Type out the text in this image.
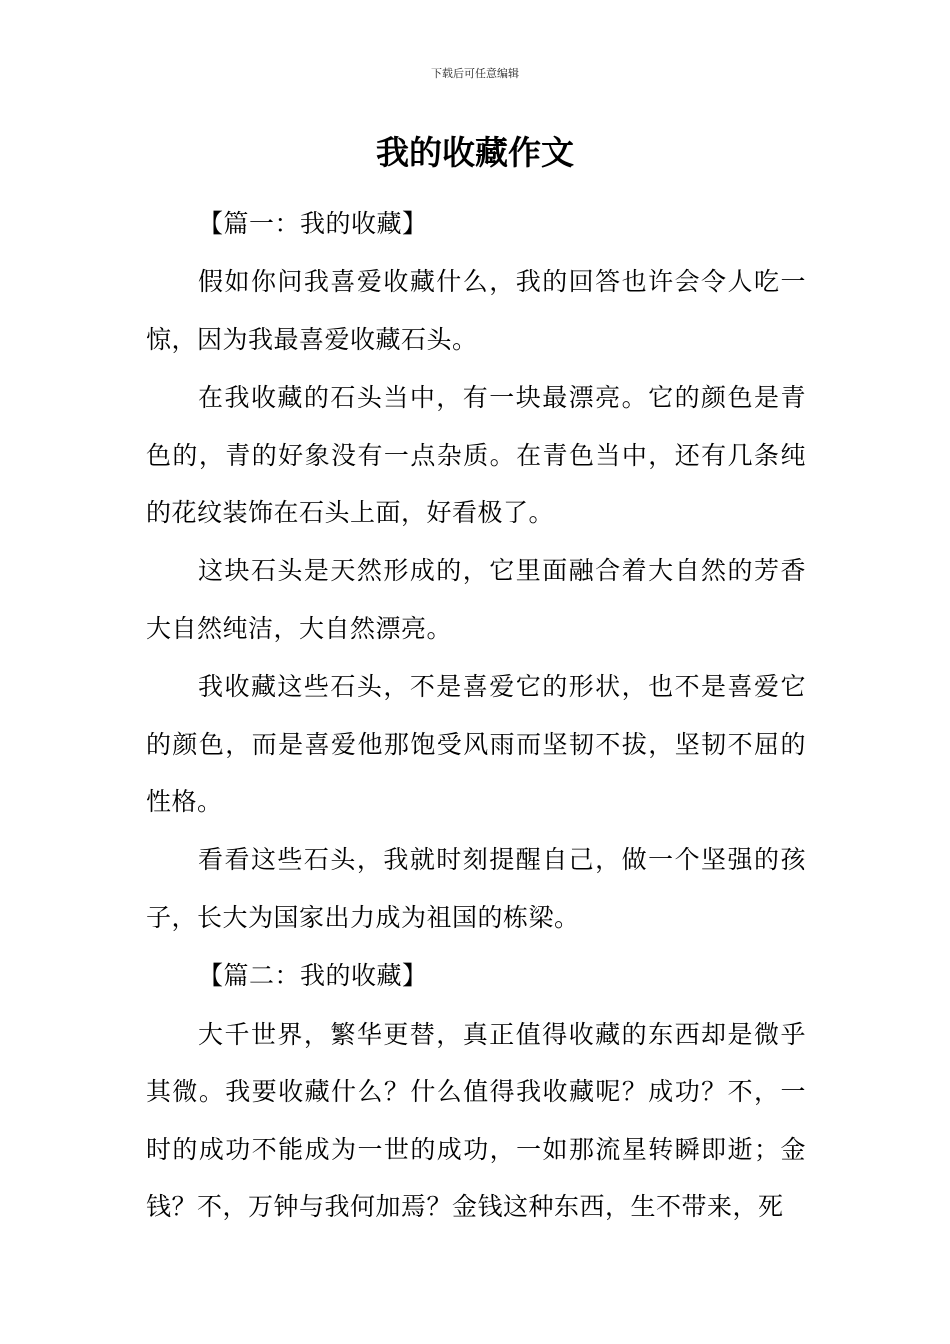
下载后可任意编辑
我的收藏作文

【篇一：我的收藏】

假如你问我喜爱收藏什么，我的回答也许会令人吃一惊，因为我最喜爱收藏石头。

在我收藏的石头当中，有一块最漂亮。它的颜色是青色的，青的好象没有一点杂质。在青色当中，还有几条纯的花纹装饰在石头上面，好看极了。

这块石头是天然形成的，它里面融合着大自然的芳香大自然纯洁，大自然漂亮。

我收藏这些石头，不是喜爱它的形状，也不是喜爱它的颜色，而是喜爱他那饱受风雨而坚韧不拔，坚韧不屈的性格。

看看这些石头，我就时刻提醒自己，做一个坚强的孩子，长大为国家出力成为祖国的栋梁。

【篇二：我的收藏】

大千世界，繁华更替，真正值得收藏的东西却是微乎其微。我要收藏什么？什么值得我收藏呢？成功？不，一时的成功不能成为一世的成功，一如那流星转瞬即逝；金钱？不，万钟与我何加焉？金钱这种东西，生不带来，死
